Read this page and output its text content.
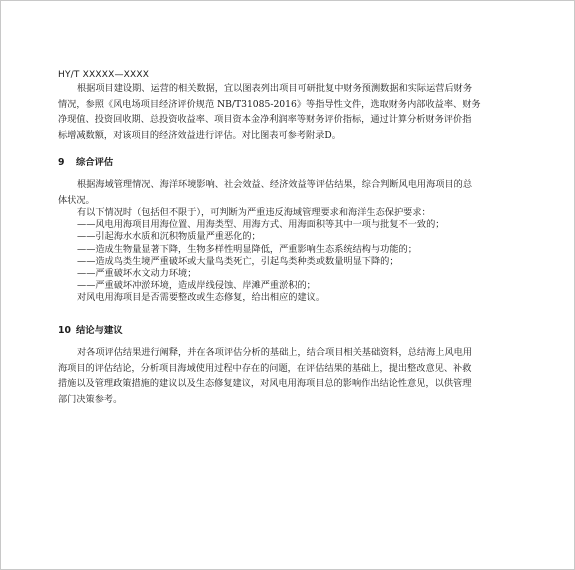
HY/T XXXXX—XXXX

根据项目建设期、运营的相关数据，宜以图表列出项目可研批复中财务预测数据和实际运营后财务
情况，参照《风电场项目经济评价规范 NB/T31085-2016》等指导性文件，选取财务内部收益率、财务
净现值、投资回收期、总投资收益率、项目资本金净利润率等财务评价指标，通过计算分析财务评价指
标增减数额，对该项目的经济效益进行评估。对比图表可参考附录D。

9 综合评估

根据海域管理情况、海洋环境影响、社会效益、经济效益等评估结果，综合判断风电用海项目的总
体状况。

有以下情况时（包括但不限于），可判断为严重违反海域管理要求和海洋生态保护要求：
——风电用海项目用海位置、用海类型、用海方式、用海面积等其中一项与批复不一致的；
——引起海水水质和沉积物质量严重恶化的；
——造成生物量显著下降，生物多样性明显降低，严重影响生态系统结构与功能的；
——造成鸟类生境严重破坏或大量鸟类死亡，引起鸟类种类或数量明显下降的；
——严重破坏水文动力环境；
——严重破坏冲淤环境，造成岸线侵蚀、岸滩严重淤积的；
对风电用海项目是否需要整改或生态修复，给出相应的建议。
10 结论与建议

对各项评估结果进行阐释，并在各项评估分析的基础上，结合项目相关基础资料，总结海上风电用
海项目的评估结论，分析项目海域使用过程中存在的问题，在评估结果的基础上，提出整改意见、补救
措施以及管理政策措施的建议以及生态修复建议，对风电用海项目总的影响作出结论性意见，以供管理
部门决策参考。
